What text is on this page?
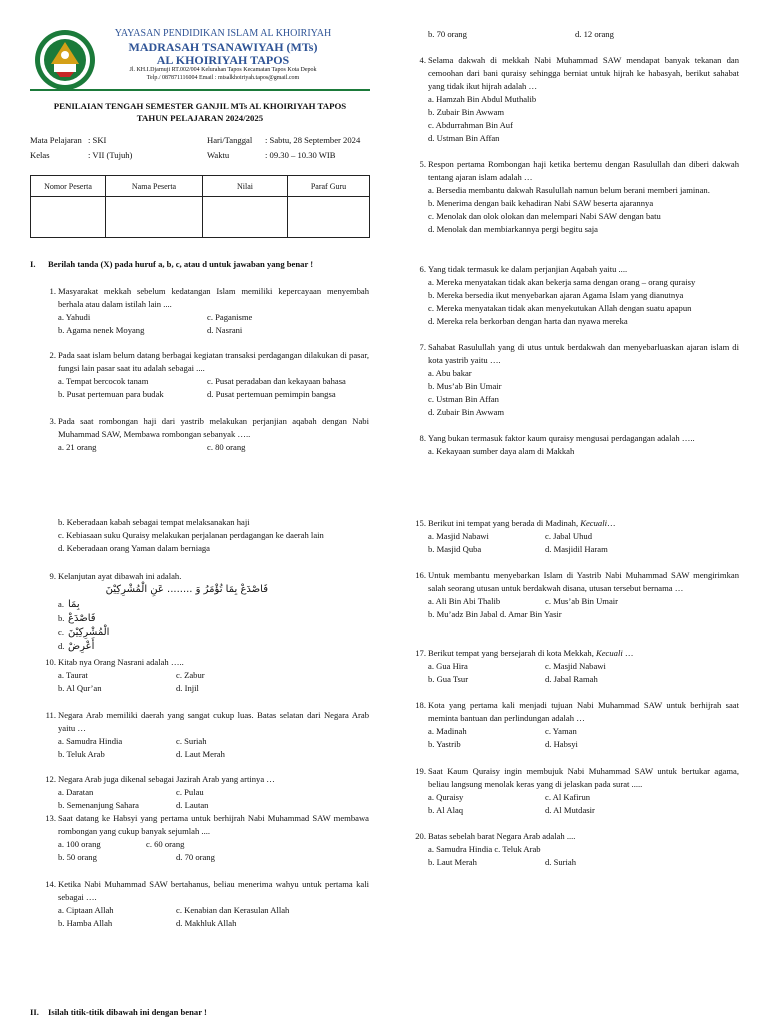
YAYASAN PENDIDIKAN ISLAM AL KHOIRIYAH
MADRASAH TSANAWIYAH (MTs)
AL KHOIRIYAH TAPOS
Jl. KH.I.Djarnuji RT.002/004 Kelurahan Tapos Kecamatan Tapos Kota Depok
Telp./ 087871116004 Email : mtsalkhoiriyah.tapos@gmail.com
PENILAIAN TENGAH SEMESTER GANJIL MTs AL KHOIRIYAH TAPOS
TAHUN PELAJARAN 2024/2025
Mata Pelajaran : SKI
Kelas	: VII (Tujuh)
Hari/Tanggal : Sabtu, 28 September 2024
Waktu	: 09.30 – 10.30 WIB
Nomor Peserta	Nama Peserta	Nilai	Paraf Guru

I. Berilah tanda (X) pada huruf a, b, c, atau d untuk jawaban yang benar !
1. Masyarakat mekkah sebelum kedatangan Islam memiliki kepercayaan menyembah berhala atau dalam istilah lain ....
a. Yahudi	c. Paganisme
b. Agama nenek Moyang	d. Nasrani
2. Pada saat islam belum datang berbagai kegiatan transaksi perdagangan dilakukan di pasar, fungsi lain pasar saat itu adalah sebagai ....
a. Tempat bercocok tanam	c. Pusat peradaban dan kekayaan bahasa
b. Pusat pertemuan para budak	d. Pusat pertemuan pemimpin bangsa
3. Pada saat rombongan haji dari yastrib melakukan perjanjian aqabah dengan Nabi Muhammad SAW, Membawa rombongan sebanyak …..
a. 21 orang	c. 80 orang
b. Keberadaan kabah sebagai tempat melaksanakan haji
c. Kebiasaan suku Quraisy melakukan perjalanan perdagangan ke daerah lain
d. Keberadaan orang Yaman dalam berniaga
9. Kelanjutan ayat dibawah ini adalah.
فَاصْدَعْ بِمَا تُؤْمَرُ وَ ........ عَنِ الْمُشْرِكِيْنَ
a. بِمَا
b. فَاصْدَعْ
c. الْمُشْرِكِيْنَ
d. أَعْرِضْ
10. Kitab nya Orang Nasrani adalah …..
a. Taurat	c. Zabur
b. Al Qur’an	d. Injil
11. Negara Arab memiliki daerah yang sangat cukup luas. Batas selatan dari Negara Arab yaitu …
a. Samudra Hindia	c. Suriah
b. Teluk Arab	d. Laut Merah
12. Negara Arab juga dikenal sebagai Jazirah Arab yang artinya …
a. Daratan	c. Pulau
b. Semenanjung Sahara	d. Lautan
13. Saat datang ke Habsyi yang pertama untuk berhijrah Nabi Muhammad SAW membawa rombongan yang cukup banyak sejumlah ....
a. 100 orang	c. 60 orang
b. 50 orang	d. 70 orang
14. Ketika Nabi Muhammad SAW bertahanus, beliau menerima wahyu untuk pertama kali sebagai ….
a. Ciptaan Allah	c. Kenabian dan Kerasulan Allah
b. Hamba Allah	d. Makhluk Allah
II. Isilah titik-titik dibawah ini dengan benar !
b. 70 orang	d. 12 orang
4. Selama dakwah di mekkah Nabi Muhammad SAW mendapat banyak tekanan dan cemoohan dari bani quraisy sehingga berniat untuk hijrah ke habasyah, berikut sahabat yang tidak ikut hijrah adalah …
a. Hamzah Bin Abdul Muthalib
b. Zubair Bin Awwam
c. Abdurrahman Bin Auf
d. Ustman Bin Affan
5. Respon pertama Rombongan haji ketika bertemu dengan Rasulullah dan diberi dakwah tentang ajaran islam adalah …
a. Bersedia membantu dakwah Rasulullah namun belum berani memberi jaminan.
b. Menerima dengan baik kehadiran Nabi SAW beserta ajarannya
c. Menolak dan olok olokan dan melempari Nabi SAW dengan batu
d. Menolak dan membiarkannya pergi begitu saja
6. Yang tidak termasuk ke dalam perjanjian Aqabah yaitu ....
a. Mereka menyatakan tidak akan bekerja sama dengan orang – orang quraisy
b. Mereka bersedia ikut menyebarkan ajaran Agama Islam yang dianutnya
c. Mereka menyatakan tidak akan menyekutukan Allah dengan suatu apapun
d. Mereka rela berkorban dengan harta dan nyawa mereka
7. Sahabat Rasulullah yang di utus untuk berdakwah dan menyebarluaskan ajaran islam di kota yastrib yaitu ….
a. Abu bakar
b. Mus’ab Bin Umair
c. Ustman Bin Affan
d. Zubair Bin Awwam
8. Yang bukan termasuk faktor kaum quraisy mengusai perdagangan adalah …..
a. Kekayaan sumber daya alam di Makkah
15. Berikut ini tempat yang berada di Madinah, Kecuali…
a. Masjid Nabawi	c. Jabal Uhud
b. Masjid Quba	d. Masjidil Haram
16. Untuk membantu menyebarkan Islam di Yastrib Nabi Muhammad SAW mengirimkan salah seorang utusan untuk berdakwah disana, utusan tersebut bernama …
a. Ali Bin Abi Thalib	c. Mus’ab Bin Umair
b. Mu’adz Bin Jabal d. Amar Bin Yasir
17. Berikut tempat yang bersejarah di kota Mekkah, Kecuali …
a. Gua Hira	c. Masjid Nabawi
b. Gua Tsur	d. Jabal Ramah
18. Kota yang pertama kali menjadi tujuan Nabi Muhammad SAW untuk berhijrah saat meminta bantuan dan perlindungan adalah …
a. Madinah	c. Yaman
b. Yastrib	d. Habsyi
19. Saat Kaum Quraisy ingin membujuk Nabi Muhammad SAW untuk bertukar agama, beliau langsung menolak keras yang di jelaskan pada surat .....
a. Quraisy	c. Al Kafirun
b. Al Alaq	d. Al Mutdasir
20. Batas sebelah barat Negara Arab adalah ....
a. Samudra Hindia c. Teluk Arab
b. Laut Merah	d. Suriah
